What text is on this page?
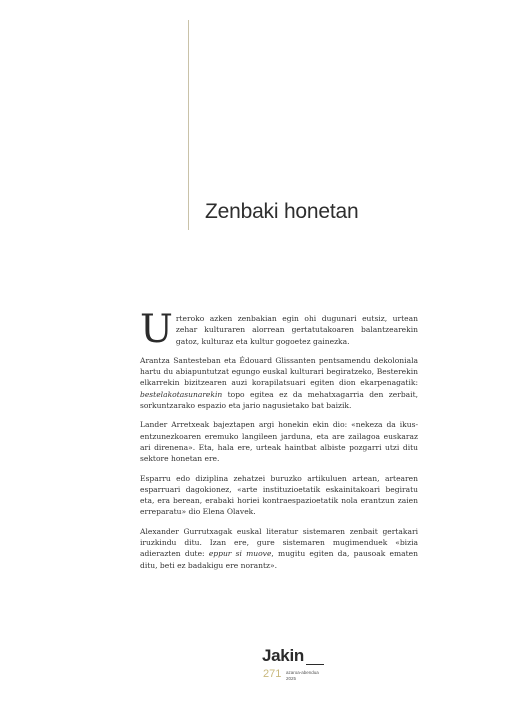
Zenbaki honetan

Urteroko azken zenbakian egin ohi dugunari eutsiz, urtean zehar kulturaren alorrean gertatutakoaren balantzearekin gatoz, kulturaz eta kultur gogoetez gainezka.

Arantza Santesteban eta Édouard Glissanten pentsamendu dekoloniala hartu du abiapuntutzat egungo euskal kulturari begiratzeko, Besterekin elkarrekin bizitzearen auzi korapilatsuari egiten dion ekarpenagatik: bestelakotasunarekin topo egitea ez da mehatxagarria den zerbait, sorkuntzarako espazio eta jario nagusietako bat baizik.

Lander Arretxeak bajeztapen argi honekin ekin dio: «nekeza da ikus-entzunezkoaren eremuko langileen jarduna, eta are zailagoa euskaraz ari direnena». Eta, hala ere, urteak haintbat albiste pozgarri utzi ditu sektore honetan ere.

Esparru edo diziplina zehatzei buruzko artikuluen artean, artearen esparruari dagokionez, «arte instituzioetatik eskainitakoari begiratu eta, era berean, erabaki horiei kontraespazioetatik nola erantzun zaien erreparatu» dio Elena Olavek.

Alexander Gurrutxagak euskal literatur sistemaren zenbait gertakari iruzkindu ditu. Izan ere, gure sistemaren mugimenduek «bizia adierazten dute: eppur si muove, mugitu egiten da, pausoak ematen ditu, beti ez badakigu ere norantz».

Jakin
271 azaroa-abendua
2025
